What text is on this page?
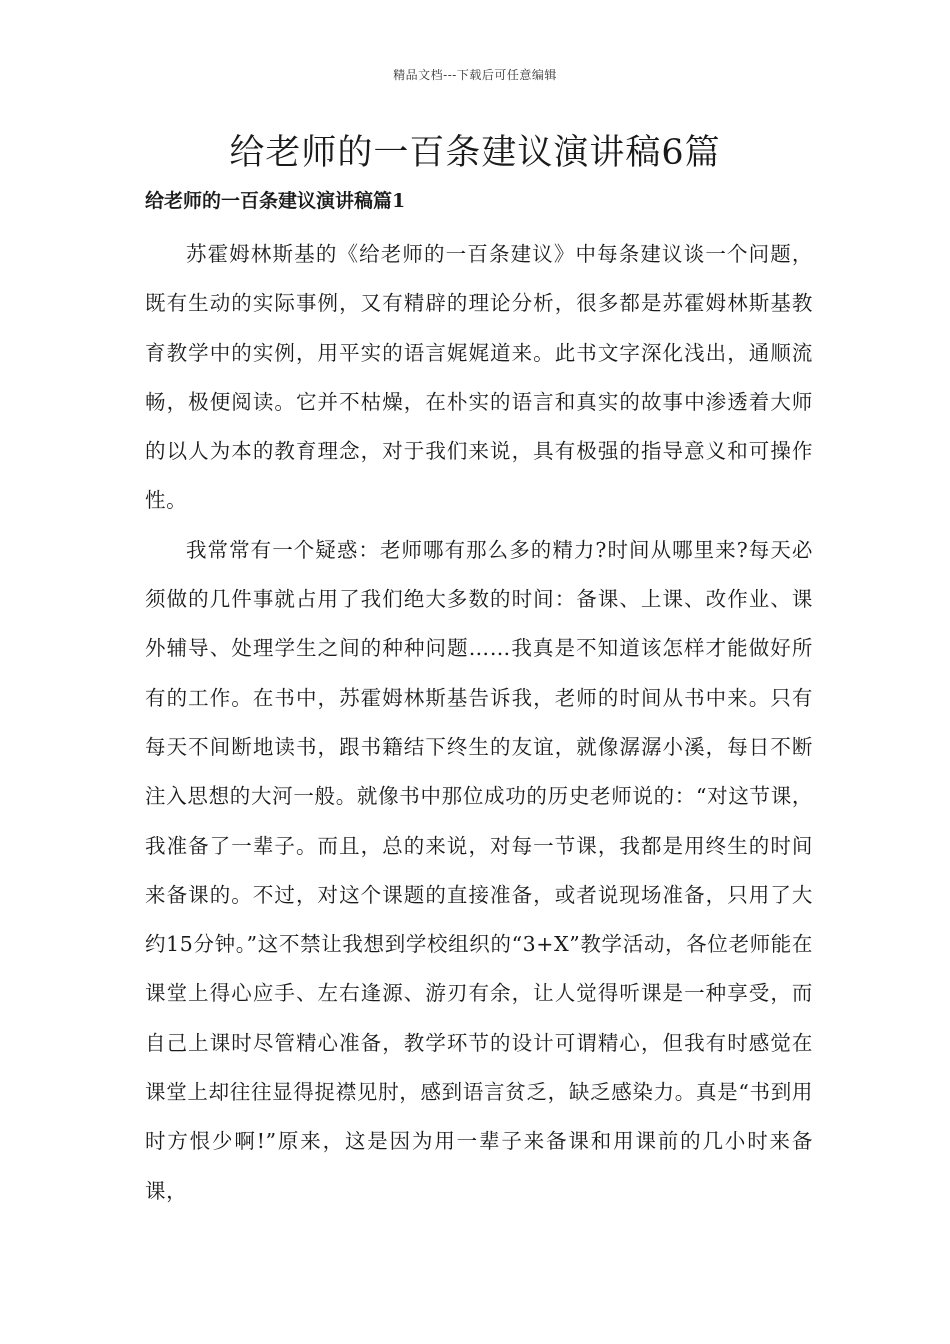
精品文档---下载后可任意编辑
给老师的一百条建议演讲稿6篇
给老师的一百条建议演讲稿篇1

苏霍姆林斯基的《给老师的一百条建议》中每条建议谈一个问题，既有生动的实际事例，又有精辟的理论分析，很多都是苏霍姆林斯基教育教学中的实例，用平实的语言娓娓道来。此书文字深化浅出，通顺流畅，极便阅读。它并不枯燥，在朴实的语言和真实的故事中渗透着大师的以人为本的教育理念，对于我们来说，具有极强的指导意义和可操作性。

我常常有一个疑惑：老师哪有那么多的精力?时间从哪里来?每天必须做的几件事就占用了我们绝大多数的时间：备课、上课、改作业、课外辅导、处理学生之间的种种问题……我真是不知道该怎样才能做好所有的工作。在书中，苏霍姆林斯基告诉我，老师的时间从书中来。只有每天不间断地读书，跟书籍结下终生的友谊，就像潺潺小溪，每日不断注入思想的大河一般。就像书中那位成功的历史老师说的：“对这节课，我准备了一辈子。而且，总的来说，对每一节课，我都是用终生的时间来备课的。不过，对这个课题的直接准备，或者说现场准备，只用了大约15分钟。”这不禁让我想到学校组织的“3+X”教学活动，各位老师能在课堂上得心应手、左右逢源、游刃有余，让人觉得听课是一种享受，而自己上课时尽管精心准备，教学环节的设计可谓精心，但我有时感觉在课堂上却往往显得捉襟见肘，感到语言贫乏，缺乏感染力。真是“书到用时方恨少啊!”原来，这是因为用一辈子来备课和用课前的几小时来备课，
